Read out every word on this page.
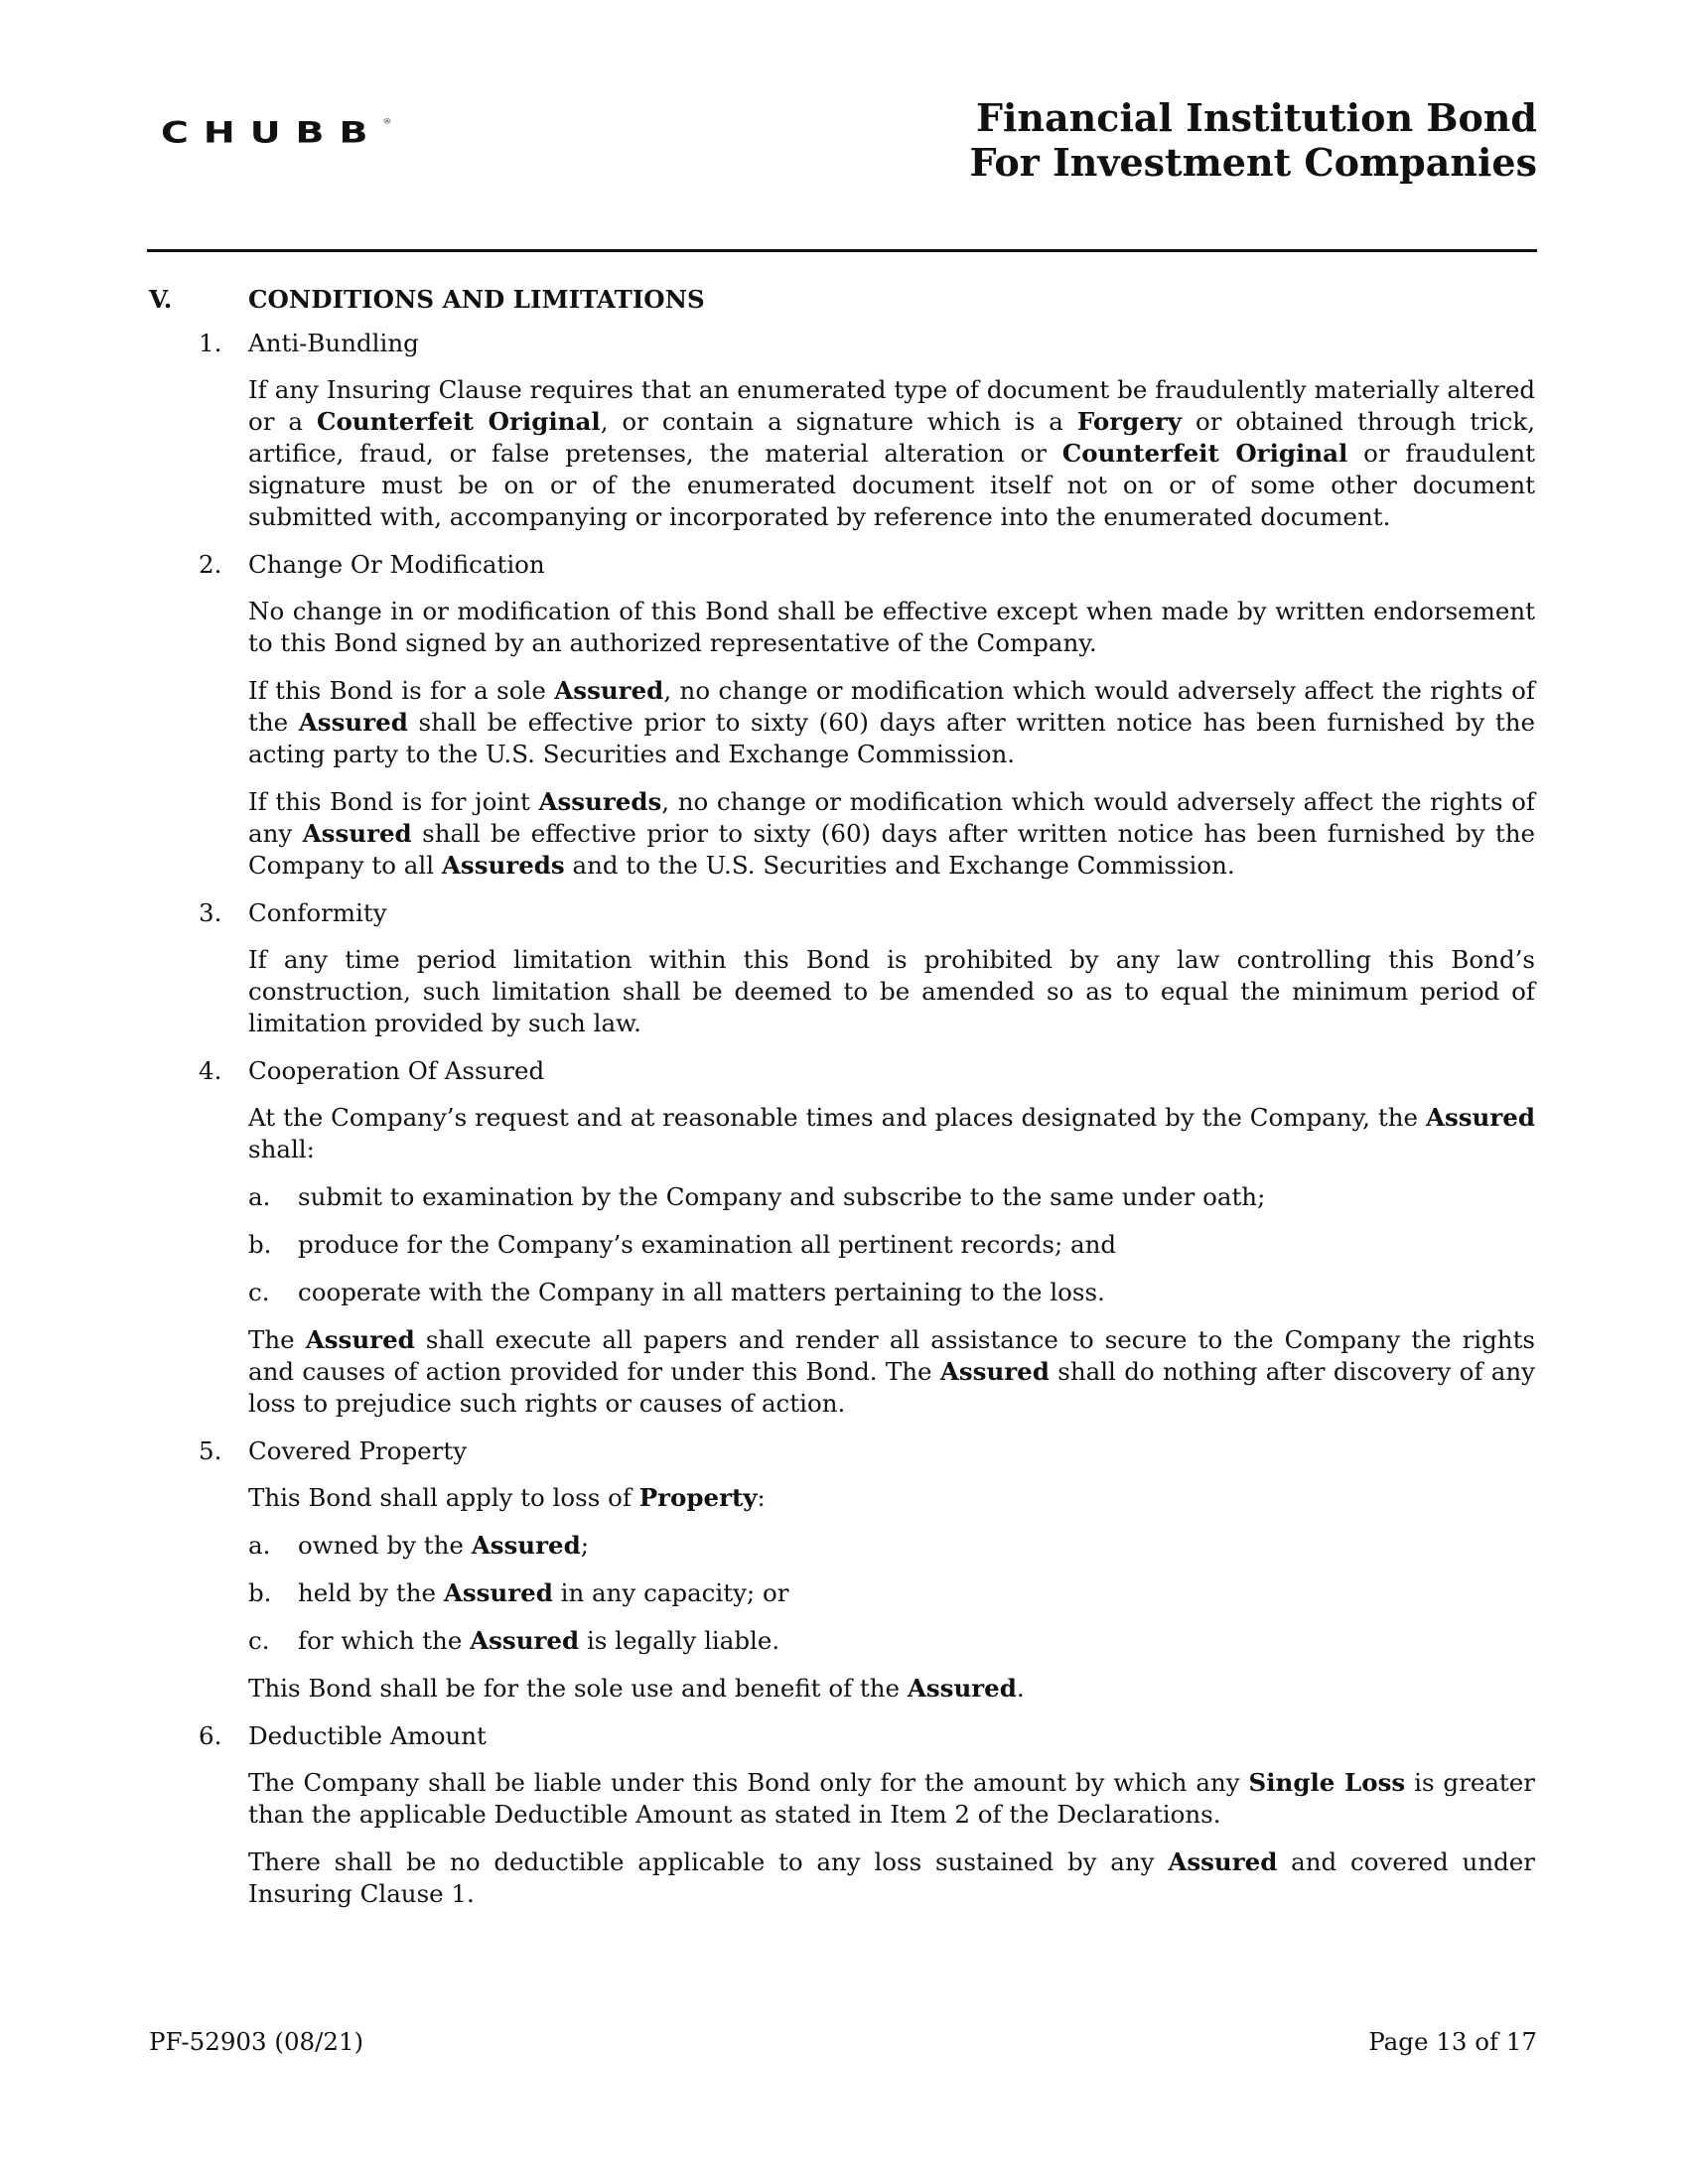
CHUBB®	Financial Institution Bond
For Investment Companies
V.	CONDITIONS AND LIMITATIONS
1.	Anti-Bundling

If any Insuring Clause requires that an enumerated type of document be fraudulently materially altered or a Counterfeit Original, or contain a signature which is a Forgery or obtained through trick, artifice, fraud, or false pretenses, the material alteration or Counterfeit Original or fraudulent signature must be on or of the enumerated document itself not on or of some other document submitted with, accompanying or incorporated by reference into the enumerated document.

2.	Change Or Modification

No change in or modification of this Bond shall be effective except when made by written endorsement to this Bond signed by an authorized representative of the Company.

If this Bond is for a sole Assured, no change or modification which would adversely affect the rights of the Assured shall be effective prior to sixty (60) days after written notice has been furnished by the acting party to the U.S. Securities and Exchange Commission.

If this Bond is for joint Assureds, no change or modification which would adversely affect the rights of any Assured shall be effective prior to sixty (60) days after written notice has been furnished by the Company to all Assureds and to the U.S. Securities and Exchange Commission.

3.	Conformity

If any time period limitation within this Bond is prohibited by any law controlling this Bond’s construction, such limitation shall be deemed to be amended so as to equal the minimum period of limitation provided by such law.

4.	Cooperation Of Assured

At the Company’s request and at reasonable times and places designated by the Company, the Assured shall:

a. submit to examination by the Company and subscribe to the same under oath;
b. produce for the Company’s examination all pertinent records; and
c. cooperate with the Company in all matters pertaining to the loss.

The Assured shall execute all papers and render all assistance to secure to the Company the rights and causes of action provided for under this Bond. The Assured shall do nothing after discovery of any loss to prejudice such rights or causes of action.

5.	Covered Property

This Bond shall apply to loss of Property:

a. owned by the Assured;
b. held by the Assured in any capacity; or
c. for which the Assured is legally liable.

This Bond shall be for the sole use and benefit of the Assured.

6.	Deductible Amount

The Company shall be liable under this Bond only for the amount by which any Single Loss is greater than the applicable Deductible Amount as stated in Item 2 of the Declarations.

There shall be no deductible applicable to any loss sustained by any Assured and covered under Insuring Clause 1.

PF-52903 (08/21)	Page 13 of 17
